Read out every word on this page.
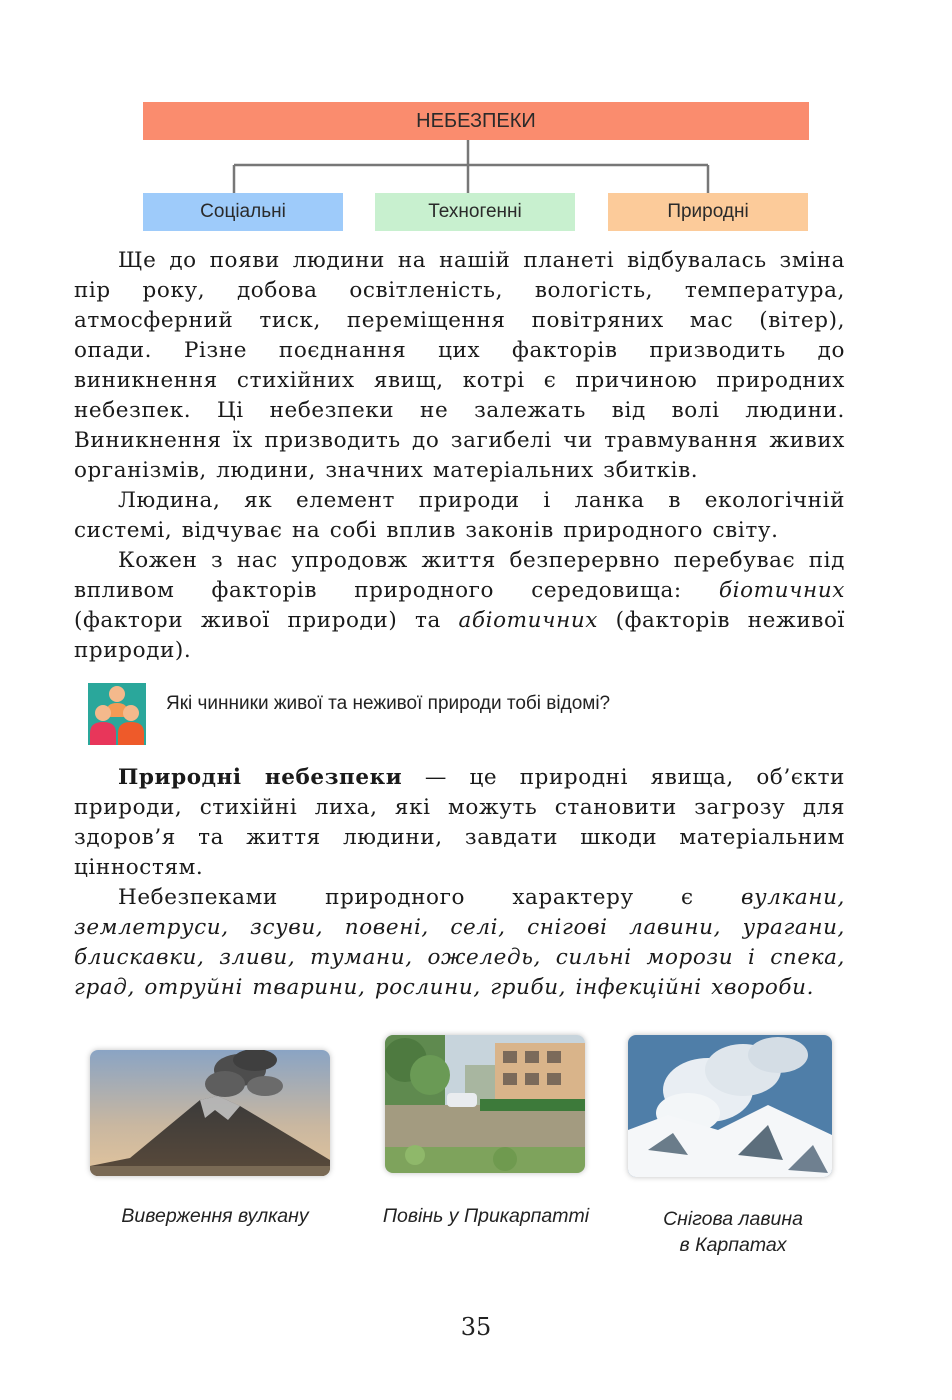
НЕБЕЗПЕКИ
Соціальні	Техногенні	Природні

Ще до появи людини на нашій планеті відбувалась зміна пір року, добова освітленість, вологість, температура, атмосферний тиск, переміщення повітряних мас (вітер), опади. Різне поєднання цих факторів призводить до виникнення стихійних явищ, котрі є причиною природних небезпек. Ці небезпеки не залежать від волі людини. Виникнення їх призводить до загибелі чи травмування живих організмів, людини, значних матеріальних збитків.

Людина, як елемент природи і ланка в екологічній системі, відчуває на собі вплив законів природного світу.

Кожен з нас упродовж життя безперервно перебуває під впливом факторів природного середовища: біотичних (фактори живої природи) та абіотичних (факторів неживої природи).

Які чинники живої та неживої природи тобі відомі?

Природні небезпеки — це природні явища, об’єкти природи, стихійні лиха, які можуть становити загрозу для здоров’я та життя людини, завдати шкоди матеріальним цінностям.

Небезпеками природного характеру є вулкани, землетруси, зсуви, повені, селі, снігові лавини, урагани, блискавки, зливи, тумани, ожеледь, сильні морози і спека, град, отруйні тварини, рослини, гриби, інфекційні хвороби.

Виверження вулкану	Повінь у Прикарпатті	Снігова лавина
в Карпатах
35
